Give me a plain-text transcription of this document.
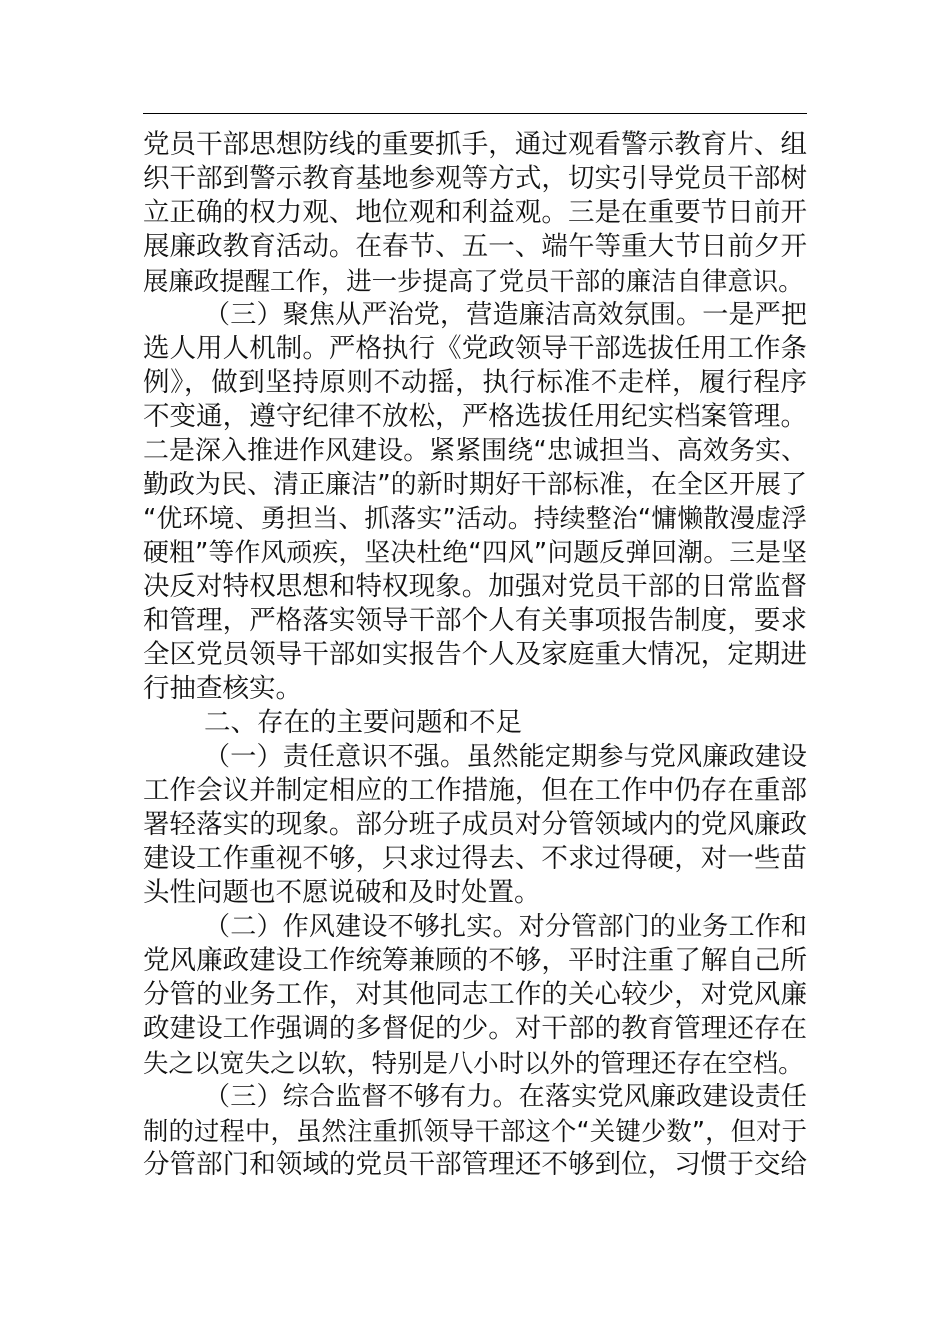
党员干部思想防线的重要抓手，通过观看警示教育片、组
织干部到警示教育基地参观等方式，切实引导党员干部树
立正确的权力观、地位观和利益观。三是在重要节日前开
展廉政教育活动。在春节、五一、端午等重大节日前夕开
展廉政提醒工作，进一步提高了党员干部的廉洁自律意识。
（三）聚焦从严治党，营造廉洁高效氛围。一是严把
选人用人机制。严格执行《党政领导干部选拔任用工作条
例》，做到坚持原则不动摇，执行标准不走样，履行程序
不变通，遵守纪律不放松，严格选拔任用纪实档案管理。
二是深入推进作风建设。紧紧围绕“忠诚担当、高效务实、
勤政为民、清正廉洁”的新时期好干部标准，在全区开展了
“优环境、勇担当、抓落实”活动。持续整治“慵懒散漫虚浮
硬粗”等作风顽疾，坚决杜绝“四风”问题反弹回潮。三是坚
决反对特权思想和特权现象。加强对党员干部的日常监督
和管理，严格落实领导干部个人有关事项报告制度，要求
全区党员领导干部如实报告个人及家庭重大情况，定期进
行抽查核实。
二、存在的主要问题和不足
（一）责任意识不强。虽然能定期参与党风廉政建设
工作会议并制定相应的工作措施，但在工作中仍存在重部
署轻落实的现象。部分班子成员对分管领域内的党风廉政
建设工作重视不够，只求过得去、不求过得硬，对一些苗
头性问题也不愿说破和及时处置。
（二）作风建设不够扎实。对分管部门的业务工作和
党风廉政建设工作统筹兼顾的不够，平时注重了解自己所
分管的业务工作，对其他同志工作的关心较少，对党风廉
政建设工作强调的多督促的少。对干部的教育管理还存在
失之以宽失之以软，特别是八小时以外的管理还存在空档。
（三）综合监督不够有力。在落实党风廉政建设责任
制的过程中，虽然注重抓领导干部这个“关键少数”，但对于
分管部门和领域的党员干部管理还不够到位，习惯于交给
